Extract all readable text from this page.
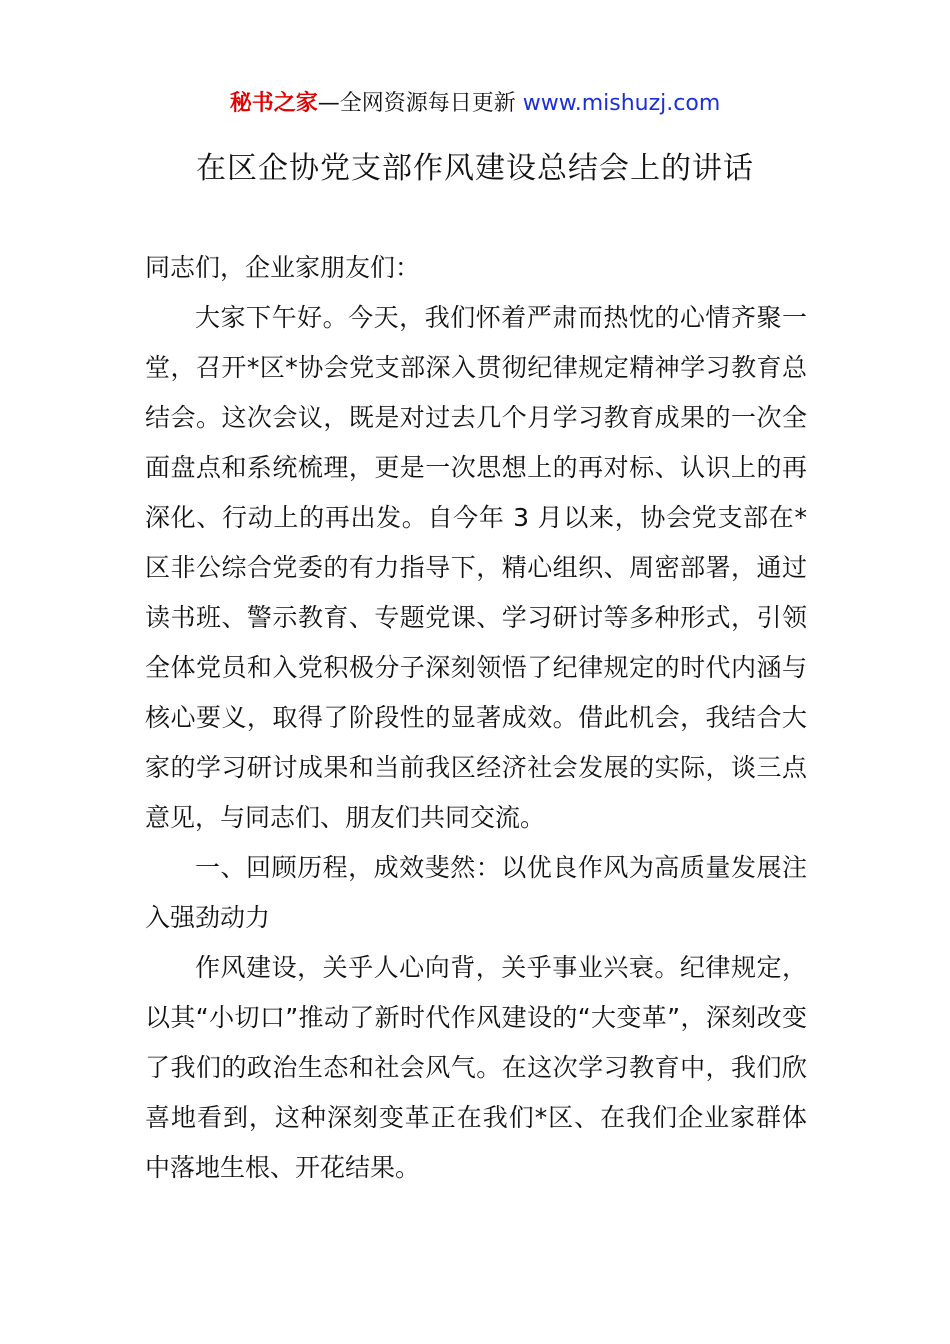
秘书之家—全网资源每日更新 www.mishuzj.com
在区企协党支部作风建设总结会上的讲话

同志们，企业家朋友们：

大家下午好。今天，我们怀着严肃而热忱的心情齐聚一堂，召开*区*协会党支部深入贯彻纪律规定精神学习教育总结会。这次会议，既是对过去几个月学习教育成果的一次全面盘点和系统梳理，更是一次思想上的再对标、认识上的再深化、行动上的再出发。自今年 3 月以来，协会党支部在*区非公综合党委的有力指导下，精心组织、周密部署，通过读书班、警示教育、专题党课、学习研讨等多种形式，引领全体党员和入党积极分子深刻领悟了纪律规定的时代内涵与核心要义，取得了阶段性的显著成效。借此机会，我结合大家的学习研讨成果和当前我区经济社会发展的实际，谈三点意见，与同志们、朋友们共同交流。

一、回顾历程，成效斐然：以优良作风为高质量发展注入强劲动力

作风建设，关乎人心向背，关乎事业兴衰。纪律规定，以其“小切口”推动了新时代作风建设的“大变革”，深刻改变了我们的政治生态和社会风气。在这次学习教育中，我们欣喜地看到，这种深刻变革正在我们*区、在我们企业家群体中落地生根、开花结果。
